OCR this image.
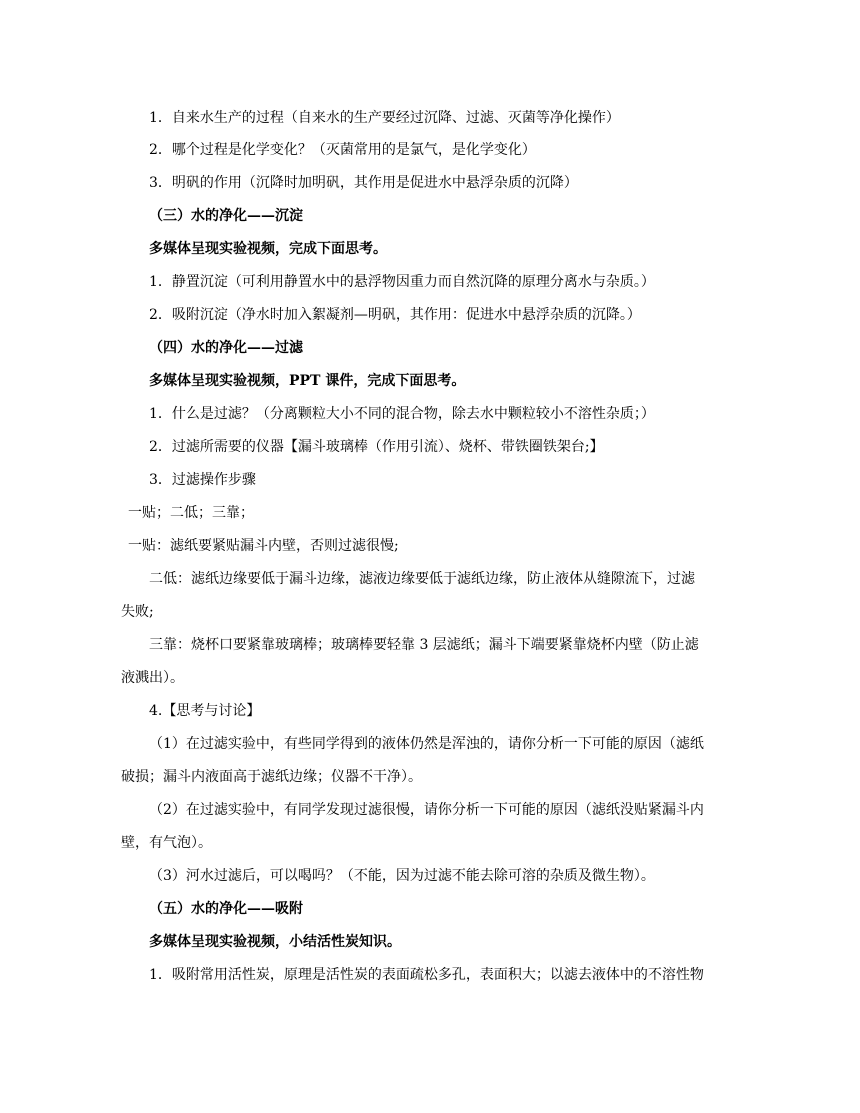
1．自来水生产的过程（自来水的生产要经过沉降、过滤、灭菌等净化操作）
2．哪个过程是化学变化？（灭菌常用的是氯气，是化学变化）
3．明矾的作用（沉降时加明矾，其作用是促进水中悬浮杂质的沉降）
（三）水的净化——沉淀
多媒体呈现实验视频，完成下面思考。
1．静置沉淀（可利用静置水中的悬浮物因重力而自然沉降的原理分离水与杂质。）
2．吸附沉淀（净水时加入絮凝剂—明矾，其作用：促进水中悬浮杂质的沉降。）
（四）水的净化——过滤
多媒体呈现实验视频，PPT 课件，完成下面思考。
1．什么是过滤？（分离颗粒大小不同的混合物，除去水中颗粒较小不溶性杂质；）
2．过滤所需要的仪器【漏斗玻璃棒（作用引流）、烧杯、带铁圈铁架台;】
3．过滤操作步骤
一贴；二低；三靠；
一贴：滤纸要紧贴漏斗内壁，否则过滤很慢;
二低：滤纸边缘要低于漏斗边缘，滤液边缘要低于滤纸边缘，防止液体从缝隙流下，过滤
失败;
三靠：烧杯口要紧靠玻璃棒；玻璃棒要轻靠 3 层滤纸；漏斗下端要紧靠烧杯内壁（防止滤
液溅出）。
4.【思考与讨论】
（1）在过滤实验中，有些同学得到的液体仍然是浑浊的，请你分析一下可能的原因（滤纸
破损；漏斗内液面高于滤纸边缘；仪器不干净）。
（2）在过滤实验中，有同学发现过滤很慢，请你分析一下可能的原因（滤纸没贴紧漏斗内
壁，有气泡）。
（3）河水过滤后，可以喝吗？（不能，因为过滤不能去除可溶的杂质及微生物）。
（五）水的净化——吸附
多媒体呈现实验视频，小结活性炭知识。
1．吸附常用活性炭，原理是活性炭的表面疏松多孔，表面积大；以滤去液体中的不溶性物
